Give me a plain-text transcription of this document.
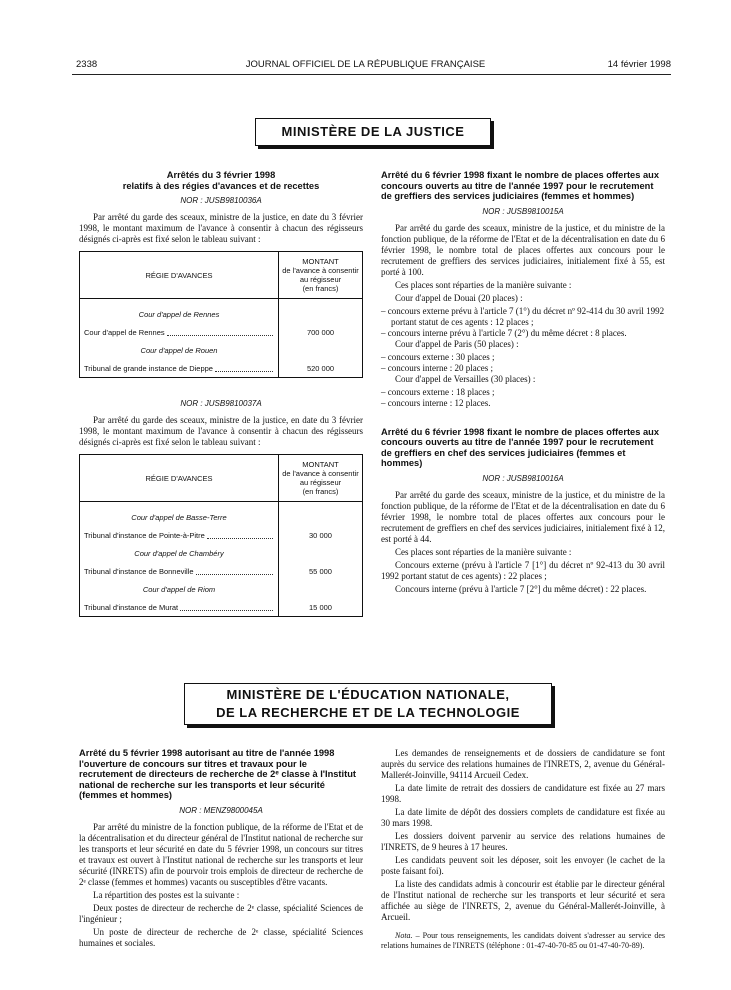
2338	JOURNAL OFFICIEL DE LA RÉPUBLIQUE FRANÇAISE	14 février 1998
MINISTÈRE DE LA JUSTICE
Arrêtés du 3 février 1998
relatifs à des régies d'avances et de recettes
NOR : JUSB9810036A

Par arrêté du garde des sceaux, ministre de la justice, en date du 3 février 1998, le montant maximum de l'avance à consentir à chacun des régisseurs désignés ci-après est fixé selon le tableau suivant :

RÉGIE D'AVANCES	MONTANT
de l'avance à consentir
au régisseur
(en francs)

Cour d'appel de Rennes	

Cour d'appel de Rennes	700 000
Cour d'appel de Rouen	

Tribunal de grande instance de Dieppe	520 000
NOR : JUSB9810037A

Par arrêté du garde des sceaux, ministre de la justice, en date du 3 février 1998, le montant maximum de l'avance à consentir à chacun des régisseurs désignés ci-après est fixé selon le tableau suivant :

RÉGIE D'AVANCES	MONTANT
de l'avance à consentir
au régisseur
(en francs)

Cour d'appel de Basse-Terre	

Tribunal d'instance de Pointe-à-Pitre	30 000
Cour d'appel de Chambéry	

Tribunal d'instance de Bonneville	55 000
Cour d'appel de Riom	

Tribunal d'instance de Murat	15 000
Arrêté du 6 février 1998 fixant le nombre de places offertes aux concours ouverts au titre de l'année 1997 pour le recrutement de greffiers des services judiciaires (femmes et hommes)
NOR : JUSB9810015A

Par arrêté du garde des sceaux, ministre de la justice, et du ministre de la fonction publique, de la réforme de l'Etat et de la décentralisation en date du 6 février 1998, le nombre total de places offertes aux concours pour le recrutement de greffiers des services judiciaires, initialement fixé à 55, est porté à 100.

Ces places sont réparties de la manière suivante :

Cour d'appel de Douai (20 places) :

– concours externe prévu à l'article 7 (1°) du décret nº 92-414 du 30 avril 1992 portant statut de ces agents : 12 places ;
– concours interne prévu à l'article 7 (2°) du même décret : 8 places.

Cour d'appel de Paris (50 places) :

– concours externe : 30 places ;
– concours interne : 20 places ;

Cour d'appel de Versailles (30 places) :

– concours externe : 18 places ;
– concours interne : 12 places.
Arrêté du 6 février 1998 fixant le nombre de places offertes aux concours ouverts au titre de l'année 1997 pour le recrutement de greffiers en chef des services judiciaires (femmes et hommes)
NOR : JUSB9810016A

Par arrêté du garde des sceaux, ministre de la justice, et du ministre de la fonction publique, de la réforme de l'Etat et de la décentralisation en date du 6 février 1998, le nombre total de places offertes aux concours pour le recrutement de greffiers en chef des services judiciaires, initialement fixé à 12, est porté à 44.

Ces places sont réparties de la manière suivante :

Concours externe (prévu à l'article 7 [1°] du décret nº 92-413 du 30 avril 1992 portant statut de ces agents) : 22 places ;

Concours interne (prévu à l'article 7 [2°] du même décret) : 22 places.

MINISTÈRE DE L'ÉDUCATION NATIONALE,
DE LA RECHERCHE ET DE LA TECHNOLOGIE
Arrêté du 5 février 1998 autorisant au titre de l'année 1998 l'ouverture de concours sur titres et travaux pour le recrutement de directeurs de recherche de 2ᵉ classe à l'Institut national de recherche sur les transports et leur sécurité (femmes et hommes)
NOR : MENZ9800045A

Par arrêté du ministre de la fonction publique, de la réforme de l'Etat et de la décentralisation et du directeur général de l'Institut national de recherche sur les transports et leur sécurité en date du 5 février 1998, un concours sur titres et travaux est ouvert à l'Institut national de recherche sur les transports et leur sécurité (INRETS) afin de pourvoir trois emplois de directeur de recherche de 2ᵉ classe (femmes et hommes) vacants ou susceptibles d'être vacants.

La répartition des postes est la suivante :

Deux postes de directeur de recherche de 2ᵉ classe, spécialité Sciences de l'ingénieur ;

Un poste de directeur de recherche de 2ᵉ classe, spécialité Sciences humaines et sociales.

Les demandes de renseignements et de dossiers de candidature se font auprès du service des relations humaines de l'INRETS, 2, avenue du Général-Mallerét-Joinville, 94114 Arcueil Cedex.

La date limite de retrait des dossiers de candidature est fixée au 27 mars 1998.

La date limite de dépôt des dossiers complets de candidature est fixée au 30 mars 1998.

Les dossiers doivent parvenir au service des relations humaines de l'INRETS, de 9 heures à 17 heures.

Les candidats peuvent soit les déposer, soit les envoyer (le cachet de la poste faisant foi).

La liste des candidats admis à concourir est établie par le directeur général de l'Institut national de recherche sur les transports et leur sécurité et sera affichée au siège de l'INRETS, 2, avenue du Général-Mallerét-Joinville, à Arcueil.

Nota. – Pour tous renseignements, les candidats doivent s'adresser au service des relations humaines de l'INRETS (téléphone : 01-47-40-70-85 ou 01-47-40-70-89).
